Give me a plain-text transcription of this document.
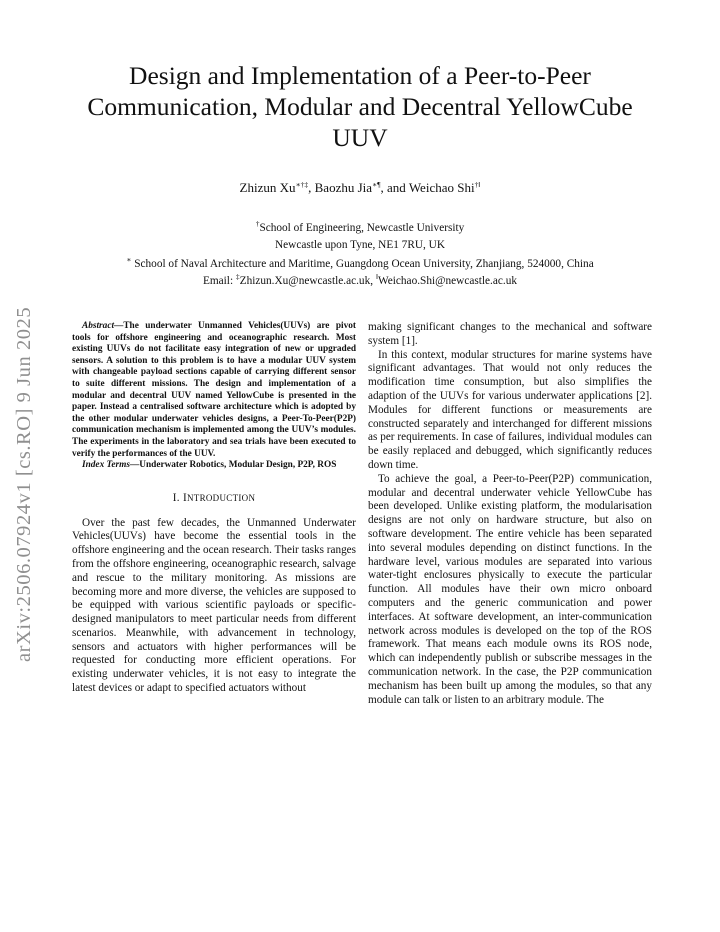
Design and Implementation of a Peer-to-Peer Communication, Modular and Decentral YellowCube UUV
Zhizun Xu∗†‡, Baozhu Jia∗¶, and Weichao Shi†‖
†School of Engineering, Newcastle University
Newcastle upon Tyne, NE1 7RU, UK
∗ School of Naval Architecture and Maritime, Guangdong Ocean University, Zhanjiang, 524000, China
Email: ‡Zhizun.Xu@newcastle.ac.uk, ‖Weichao.Shi@newcastle.ac.uk
arXiv:2506.07924v1 [cs.RO] 9 Jun 2025	Abstract—The underwater Unmanned Vehicles(UUVs) are pivot tools for offshore engineering and oceanographic research. Most existing UUVs do not facilitate easy integration of new or upgraded sensors. A solution to this problem is to have a modular UUV system with changeable payload sections capable of carrying different sensor to suite different missions. The design and implementation of a modular and decentral UUV named YellowCube is presented in the paper. Instead a centralised software architecture which is adopted by the other modular underwater vehicles designs, a Peer-To-Peer(P2P) communication mechanism is implemented among the UUV’s modules. The experiments in the laboratory and sea trials have been executed to verify the performances of the UUV.

Index Terms—Underwater Robotics, Modular Design, P2P, ROS

I. INTRODUCTION

Over the past few decades, the Unmanned Underwater Vehicles(UUVs) have become the essential tools in the offshore engineering and the ocean research. Their tasks ranges from the offshore engineering, oceanographic research, salvage and rescue to the military monitoring. As missions are becoming more and more diverse, the vehicles are supposed to be equipped with various scientific payloads or specific-designed manipulators to meet particular needs from different scenarios. Meanwhile, with advancement in technology, sensors and actuators with higher performances will be requested for conducting more efficient operations. For existing underwater vehicles, it is not easy to integrate the latest devices or adapt to specified actuators without

making significant changes to the mechanical and software system [1].

In this context, modular structures for marine systems have significant advantages. That would not only reduces the modification time consumption, but also simplifies the adaption of the UUVs for various underwater applications [2]. Modules for different functions or measurements are constructed separately and interchanged for different missions as per requirements. In case of failures, individual modules can be easily replaced and debugged, which significantly reduces down time.

To achieve the goal, a Peer-to-Peer(P2P) communication, modular and decentral underwater vehicle YellowCube has been developed. Unlike existing platform, the modularisation designs are not only on hardware structure, but also on software development. The entire vehicle has been separated into several modules depending on distinct functions. In the hardware level, various modules are separated into various water-tight enclosures physically to execute the particular function. All modules have their own micro onboard computers and the generic communication and power interfaces. At software development, an inter-communication network across modules is developed on the top of the ROS framework. That means each module owns its ROS node, which can independently publish or subscribe messages in the communication network. In the case, the P2P communication mechanism has been built up among the modules, so that any module can talk or listen to an arbitrary module. The
